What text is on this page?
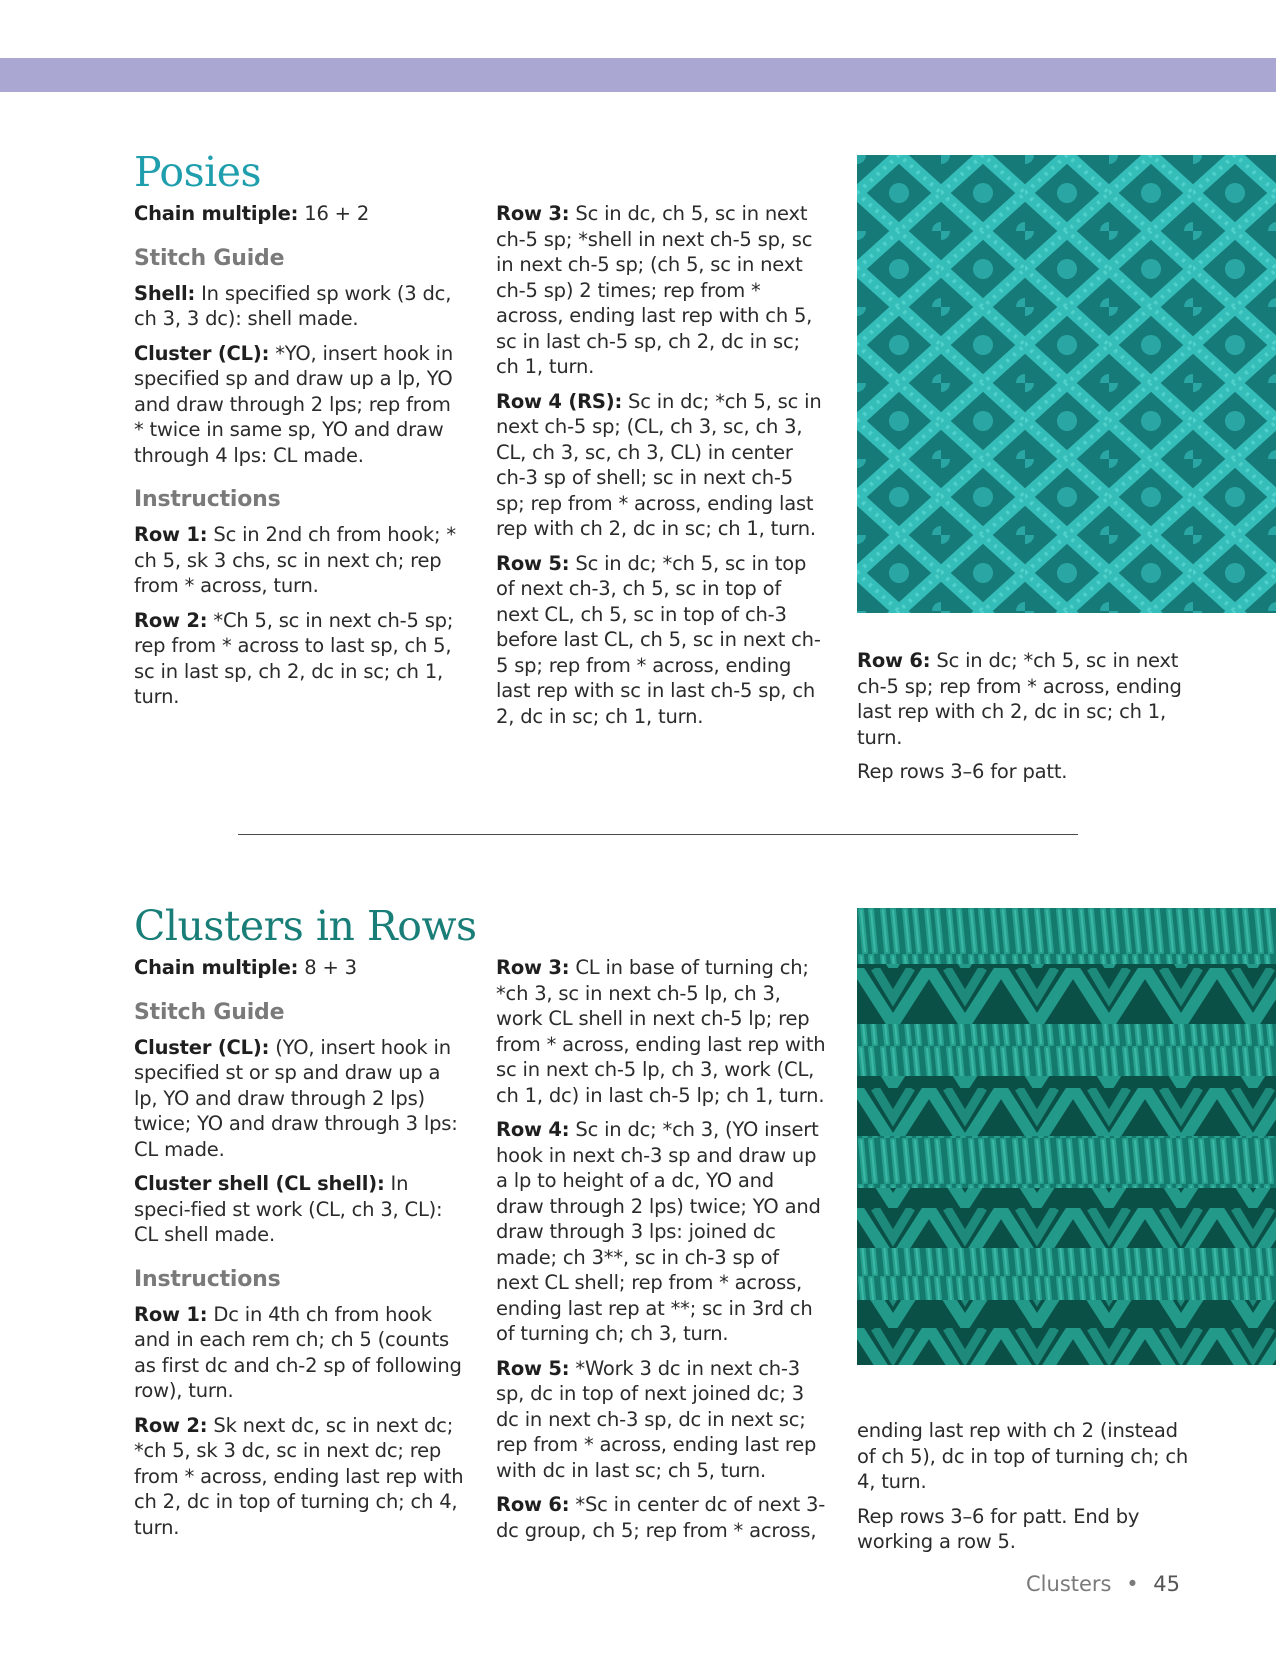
Posies

Chain multiple: 16 + 2

Stitch Guide

Shell: In specified sp work (3 dc, ch 3, 3 dc): shell made.

Cluster (CL): *YO, insert hook in specified sp and draw up a lp, YO and draw through 2 lps; rep from * twice in same sp, YO and draw through 4 lps: CL made.

Instructions

Row 1: Sc in 2nd ch from hook; * ch 5, sk 3 chs, sc in next ch; rep from * across, turn.

Row 2: *Ch 5, sc in next ch-5 sp; rep from * across to last sp, ch 5, sc in last sp, ch 2, dc in sc; ch 1, turn.

Row 3: Sc in dc, ch 5, sc in next ch-5 sp; *shell in next ch-5 sp, sc in next ch-5 sp; (ch 5, sc in next ch-5 sp) 2 times; rep from * across, ending last rep with ch 5, sc in last ch-5 sp, ch 2, dc in sc; ch 1, turn.

Row 4 (RS): Sc in dc; *ch 5, sc in next ch-5 sp; (CL, ch 3, sc, ch 3, CL, ch 3, sc, ch 3, CL) in center ch-3 sp of shell; sc in next ch-5 sp; rep from * across, ending last rep with ch 2, dc in sc; ch 1, turn.

Row 5: Sc in dc; *ch 5, sc in top of next ch-3, ch 5, sc in top of next CL, ch 5, sc in top of ch-3 before last CL, ch 5, sc in next ch-5 sp; rep from * across, ending last rep with sc in last ch-5 sp, ch 2, dc in sc; ch 1, turn.

Row 6: Sc in dc; *ch 5, sc in next ch-5 sp; rep from * across, ending last rep with ch 2, dc in sc; ch 1, turn.

Rep rows 3–6 for patt.

Clusters in Rows

Chain multiple: 8 + 3

Stitch Guide

Cluster (CL): (YO, insert hook in specified st or sp and draw up a lp, YO and draw through 2 lps) twice; YO and draw through 3 lps: CL made.

Cluster shell (CL shell): In speci-fied st work (CL, ch 3, CL): CL shell made.

Instructions

Row 1: Dc in 4th ch from hook and in each rem ch; ch 5 (counts as first dc and ch-2 sp of following row), turn.

Row 2: Sk next dc, sc in next dc; *ch 5, sk 3 dc, sc in next dc; rep from * across, ending last rep with ch 2, dc in top of turning ch; ch 4, turn.

Row 3: CL in base of turning ch; *ch 3, sc in next ch-5 lp, ch 3, work CL shell in next ch-5 lp; rep from * across, ending last rep with sc in next ch-5 lp, ch 3, work (CL, ch 1, dc) in last ch-5 lp; ch 1, turn.

Row 4: Sc in dc; *ch 3, (YO insert hook in next ch-3 sp and draw up a lp to height of a dc, YO and draw through 2 lps) twice; YO and draw through 3 lps: joined dc made; ch 3**, sc in ch-3 sp of next CL shell; rep from * across, ending last rep at **; sc in 3rd ch of turning ch; ch 3, turn.

Row 5: *Work 3 dc in next ch-3 sp, dc in top of next joined dc; 3 dc in next ch-3 sp, dc in next sc; rep from * across, ending last rep with dc in last sc; ch 5, turn.

Row 6: *Sc in center dc of next 3-dc group, ch 5; rep from * across,

ending last rep with ch 2 (instead of ch 5), dc in top of turning ch; ch 4, turn.

Rep rows 3–6 for patt. End by working a row 5.

Clusters • 45
